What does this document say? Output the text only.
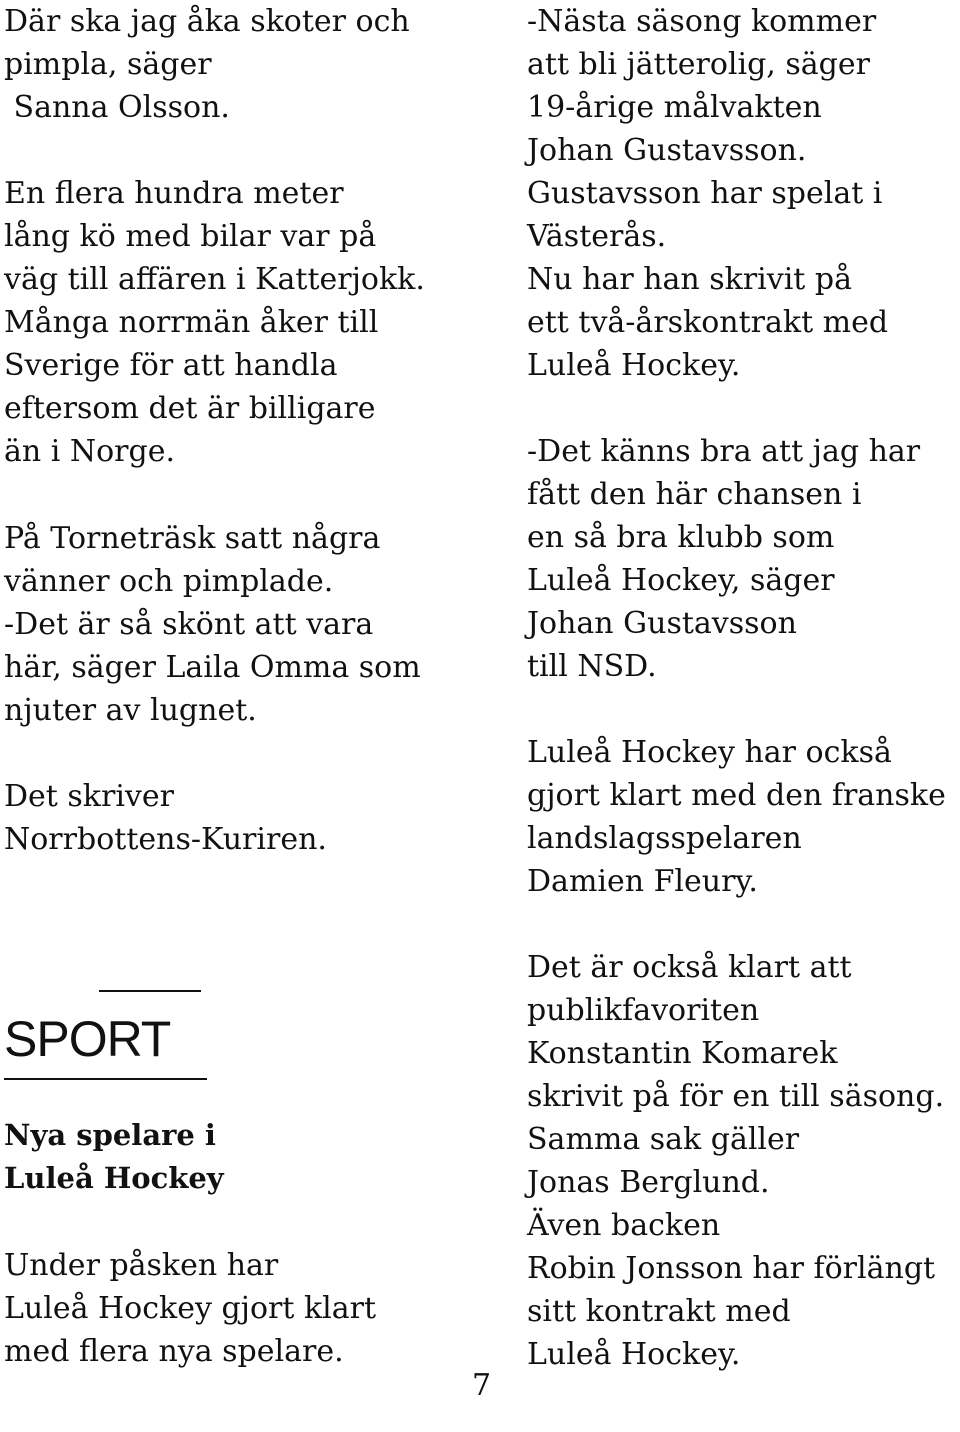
Där ska jag åka skoter och
pimpla, säger
Sanna Olsson.
En flera hundra meter
lång kö med bilar var på
väg till affären i Katterjokk.
Många norrmän åker till
Sverige för att handla
eftersom det är billigare
än i Norge.
På Torneträsk satt några
vänner och pimplade.
-Det är så skönt att vara
här, säger Laila Omma som
njuter av lugnet.
Det skriver
Norrbottens-Kuriren.
SPORT
Nya spelare i
Luleå Hockey
Under påsken har
Luleå Hockey gjort klart
med flera nya spelare.
-Nästa säsong kommer
att bli jätterolig, säger
19-årige målvakten
Johan Gustavsson.
Gustavsson har spelat i
Västerås.
Nu har han skrivit på
ett två-årskontrakt med
Luleå Hockey.
-Det känns bra att jag har
fått den här chansen i
en så bra klubb som
Luleå Hockey, säger
Johan Gustavsson
till NSD.
Luleå Hockey har också
gjort klart med den franske
landslagsspelaren
Damien Fleury.
Det är också klart att
publikfavoriten
Konstantin Komarek
skrivit på för en till säsong.
Samma sak gäller
Jonas Berglund.
Även backen
Robin Jonsson har förlängt
sitt kontrakt med
Luleå Hockey.
7
